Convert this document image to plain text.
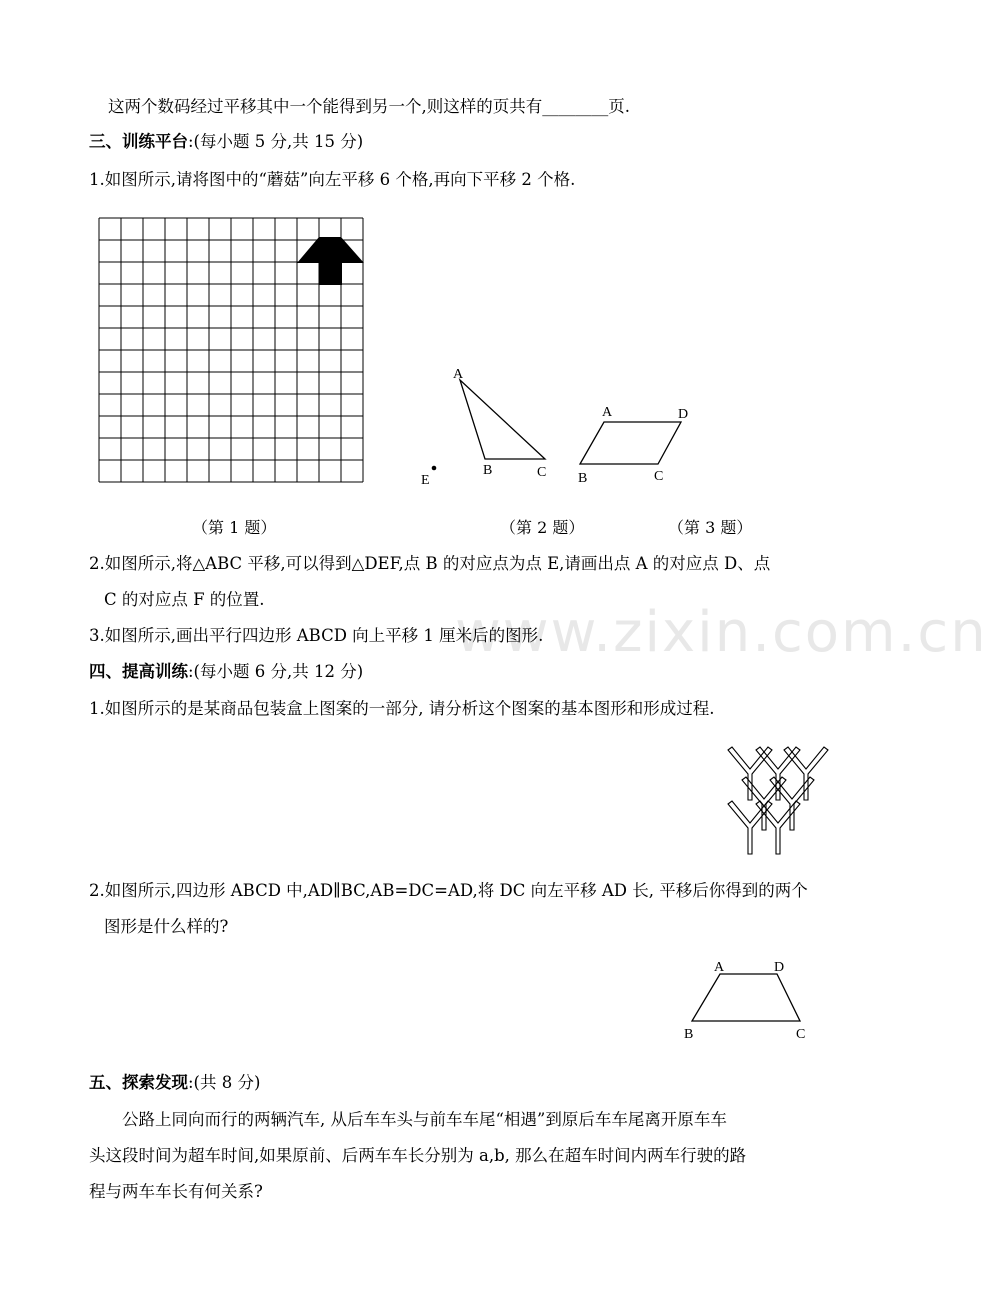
www.zixin.com.cn
这两个数码经过平移其中一个能得到另一个,则这样的页共有________页.
三、训练平台:(每小题 5 分,共 15 分)
1.如图所示,请将图中的“蘑菇”向左平移 6 个格,再向下平移 2 个格.
A
B	C
E
A	D
B	C
（第 1 题）	（第 2 题）	（第 3 题）
2.如图所示,将△ABC 平移,可以得到△DEF,点 B 的对应点为点 E,请画出点 A 的对应点 D、点
C 的对应点 F 的位置.
3.如图所示,画出平行四边形 ABCD 向上平移 1 厘米后的图形.
四、提高训练:(每小题 6 分,共 12 分)
1.如图所示的是某商品包装盒上图案的一部分, 请分析这个图案的基本图形和形成过程.
2.如图所示,四边形 ABCD 中,AD∥BC,AB=DC=AD,将 DC 向左平移 AD 长, 平移后你得到的两个
图形是什么样的?
A	D
B	C
五、探索发现:(共 8 分)
公路上同向而行的两辆汽车, 从后车车头与前车车尾“相遇”到原后车车尾离开原车车
头这段时间为超车时间,如果原前、后两车车长分别为 a,b, 那么在超车时间内两车行驶的路
程与两车车长有何关系?
